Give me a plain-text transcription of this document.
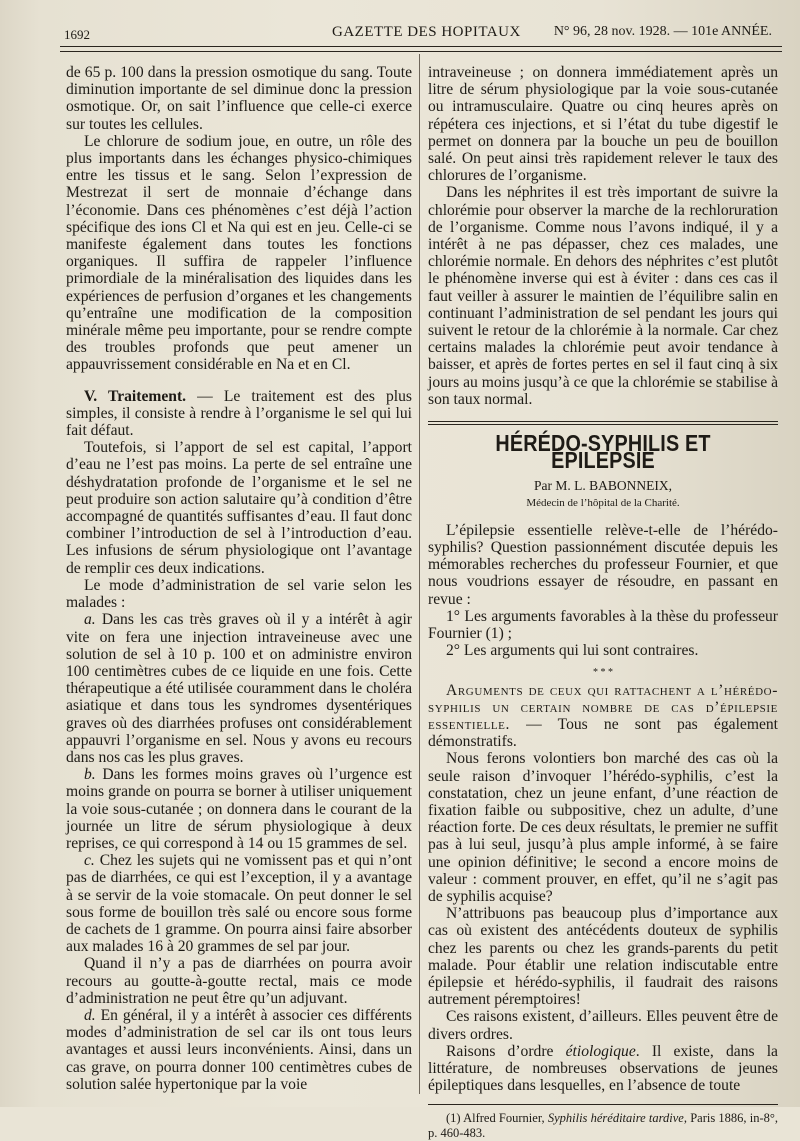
1692	GAZETTE DES HOPITAUX N° 96, 28 nov. 1928. — 101e ANNÉE.

de 65 p. 100 dans la pression osmotique du sang. Toute diminution importante de sel diminue donc la pression osmotique. Or, on sait l’influence que celle-ci exerce sur toutes les cellules.

Le chlorure de sodium joue, en outre, un rôle des plus importants dans les échanges physico-chimiques entre les tissus et le sang. Selon l’expression de Mestrezat il sert de monnaie d’échange dans l’économie. Dans ces phénomènes c’est déjà l’action spécifique des ions Cl et Na qui est en jeu. Celle-ci se manifeste également dans toutes les fonctions organiques. Il suffira de rappeler l’influence primordiale de la minéralisation des liquides dans les expériences de perfusion d’organes et les changements qu’entraîne une modification de la composition minérale même peu importante, pour se rendre compte des troubles profonds que peut amener un appauvrissement considérable en Na et en Cl.

V. Traitement. — Le traitement est des plus simples, il consiste à rendre à l’organisme le sel qui lui fait défaut.

Toutefois, si l’apport de sel est capital, l’apport d’eau ne l’est pas moins. La perte de sel entraîne une déshydratation profonde de l’organisme et le sel ne peut produire son action salutaire qu’à condition d’être accompagné de quantités suffisantes d’eau. Il faut donc combiner l’introduction de sel à l’introduction d’eau. Les infusions de sérum physiologique ont l’avantage de remplir ces deux indications.

Le mode d’administration de sel varie selon les malades :

a. Dans les cas très graves où il y a intérêt à agir vite on fera une injection intraveineuse avec une solution de sel à 10 p. 100 et on administre environ 100 centimètres cubes de ce liquide en une fois. Cette thérapeutique a été utilisée couramment dans le choléra asiatique et dans tous les syndromes dysentériques graves où des diarrhées profuses ont considérablement appauvri l’organisme en sel. Nous y avons eu recours dans nos cas les plus graves.

b. Dans les formes moins graves où l’urgence est moins grande on pourra se borner à utiliser uniquement la voie sous-cutanée ; on donnera dans le courant de la journée un litre de sérum physiologique à deux reprises, ce qui correspond à 14 ou 15 grammes de sel.

c. Chez les sujets qui ne vomissent pas et qui n’ont pas de diarrhées, ce qui est l’exception, il y a avantage à se servir de la voie stomacale. On peut donner le sel sous forme de bouillon très salé ou encore sous forme de cachets de 1 gramme. On pourra ainsi faire absorber aux malades 16 à 20 grammes de sel par jour.

Quand il n’y a pas de diarrhées on pourra avoir recours au goutte-à-goutte rectal, mais ce mode d’administration ne peut être qu’un adjuvant.

d. En général, il y a intérêt à associer ces différents modes d’administration de sel car ils ont tous leurs avantages et aussi leurs inconvénients. Ainsi, dans un cas grave, on pourra donner 100 centimètres cubes de solution salée hypertonique par la voie

intraveineuse ; on donnera immédiatement après un litre de sérum physiologique par la voie sous-cutanée ou intramusculaire. Quatre ou cinq heures après on répétera ces injections, et si l’état du tube digestif le permet on donnera par la bouche un peu de bouillon salé. On peut ainsi très rapidement relever le taux des chlorures de l’organisme.

Dans les néphrites il est très important de suivre la chlorémie pour observer la marche de la rechloruration de l’organisme. Comme nous l’avons indiqué, il y a intérêt à ne pas dépasser, chez ces malades, une chlorémie normale. En dehors des néphrites c’est plutôt le phénomène inverse qui est à éviter : dans ces cas il faut veiller à assurer le maintien de l’équilibre salin en continuant l’administration de sel pendant les jours qui suivent le retour de la chlorémie à la normale. Car chez certains malades la chlorémie peut avoir tendance à baisser, et après de fortes pertes en sel il faut cinq à six jours au moins jusqu’à ce que la chlorémie se stabilise à son taux normal.

HÉRÉDO-SYPHILIS ET ÉPILEPSIE
Par M. L. BABONNEIX,
Médecin de l’hôpital de la Charité.

L’épilepsie essentielle relève-t-elle de l’hérédo-syphilis? Question passionnément discutée depuis les mémorables recherches du professeur Fournier, et que nous voudrions essayer de résoudre, en passant en revue :

1° Les arguments favorables à la thèse du professeur Fournier (1) ;

2° Les arguments qui lui sont contraires.

* * *

Arguments de ceux qui rattachent a l’hérédo-syphilis un certain nombre de cas d’épilepsie essentielle. — Tous ne sont pas également démonstratifs.

Nous ferons volontiers bon marché des cas où la seule raison d’invoquer l’hérédo-syphilis, c’est la constatation, chez un jeune enfant, d’une réaction de fixation faible ou subpositive, chez un adulte, d’une réaction forte. De ces deux résultats, le premier ne suffit pas à lui seul, jusqu’à plus ample informé, à se faire une opinion définitive; le second a encore moins de valeur : comment prouver, en effet, qu’il ne s’agit pas de syphilis acquise?

N’attribuons pas beaucoup plus d’importance aux cas où existent des antécédents douteux de syphilis chez les parents ou chez les grands-parents du petit malade. Pour établir une relation indiscutable entre épilepsie et hérédo-syphilis, il faudrait des raisons autrement péremptoires!

Ces raisons existent, d’ailleurs. Elles peuvent être de divers ordres.

Raisons d’ordre étiologique. Il existe, dans la littérature, de nombreuses observations de jeunes épileptiques dans lesquelles, en l’absence de toute

(1) Alfred Fournier, Syphilis héréditaire tardive, Paris 1886, in-8°, p. 460-483.
